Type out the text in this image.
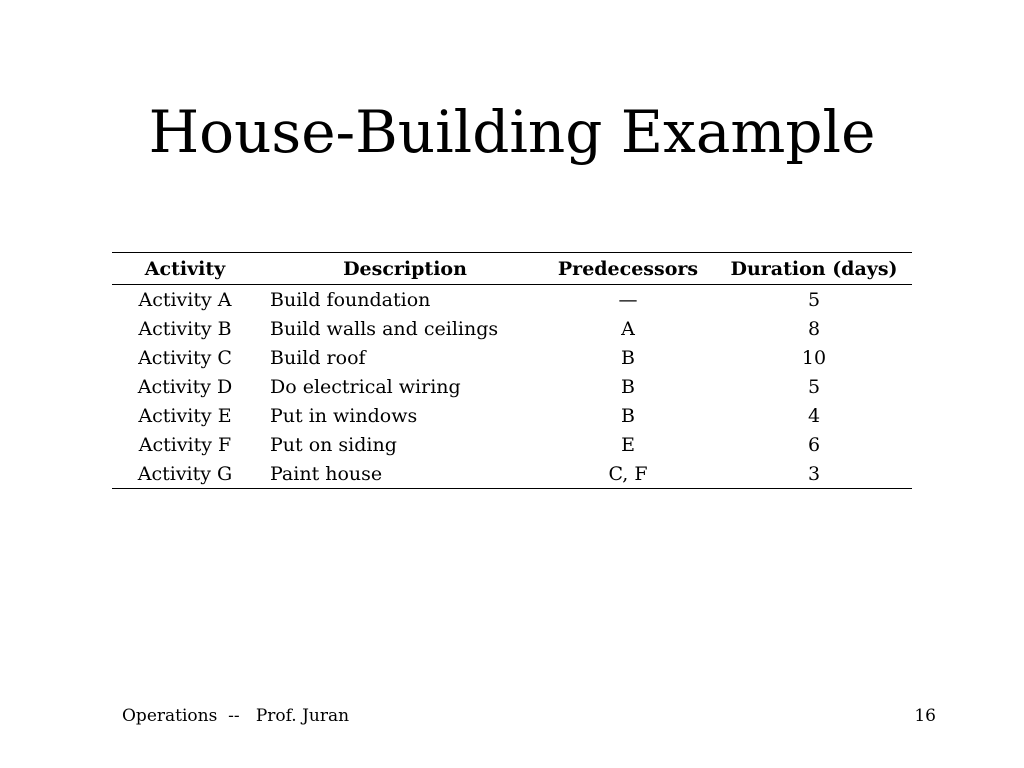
House-Building Example
Activity	Description	Predecessors	Duration (days)
Activity A	Build foundation	—	5
Activity B	Build walls and ceilings	A	8
Activity C	Build roof	B	10
Activity D	Do electrical wiring	B	5
Activity E	Put in windows	B	4
Activity F	Put on siding	E	6
Activity G	Paint house	C, F	3
Operations  --   Prof. Juran	16
